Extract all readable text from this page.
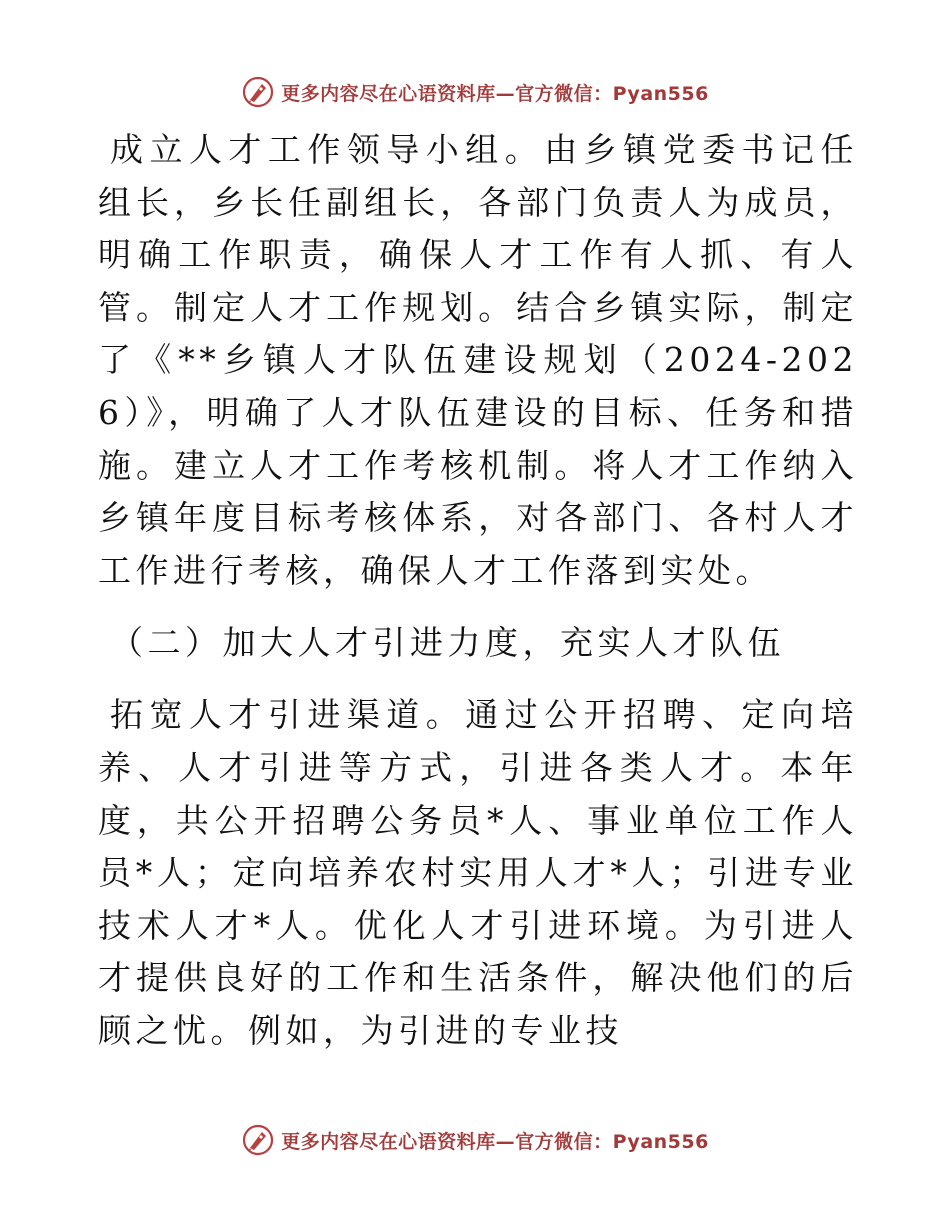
更多内容尽在心语资料库—官方微信：Pyan556

成立人才工作领导小组。由乡镇党委书记任组长，乡长任副组长，各部门负责人为成员，明确工作职责，确保人才工作有人抓、有人管。制定人才工作规划。结合乡镇实际，制定了《**乡镇人才队伍建设规划（2024-2026）》，明确了人才队伍建设的目标、任务和措施。建立人才工作考核机制。将人才工作纳入乡镇年度目标考核体系，对各部门、各村人才工作进行考核，确保人才工作落到实处。

（二）加大人才引进力度，充实人才队伍

拓宽人才引进渠道。通过公开招聘、定向培养、人才引进等方式，引进各类人才。本年度，共公开招聘公务员*人、事业单位工作人员*人；定向培养农村实用人才*人；引进专业技术人才*人。优化人才引进环境。为引进人才提供良好的工作和生活条件，解决他们的后顾之忧。例如，为引进的专业技

更多内容尽在心语资料库—官方微信：Pyan556
